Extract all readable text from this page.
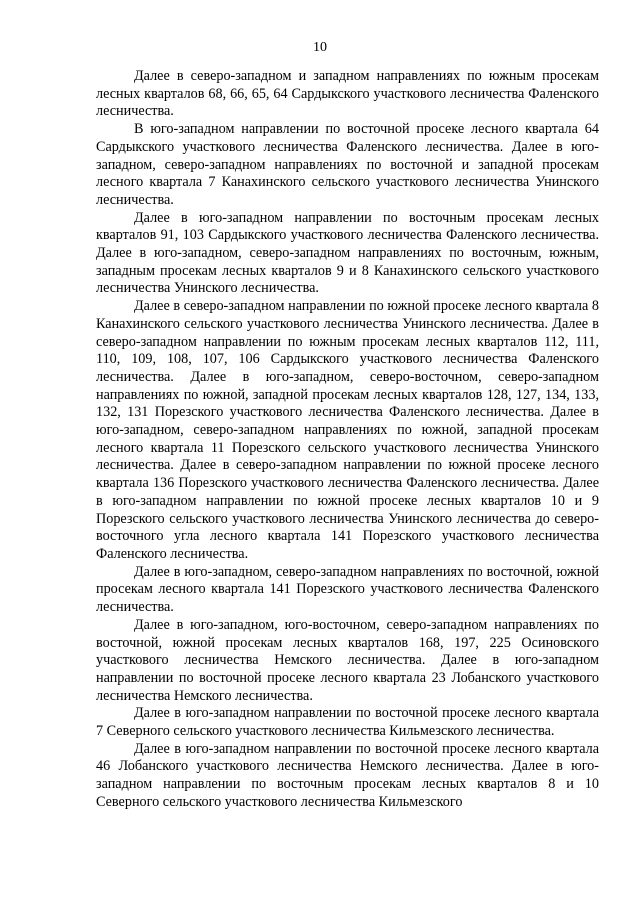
10

Далее в северо-западном и западном направлениях по южным просекам лесных кварталов 68, 66, 65, 64 Сардыкского участкового лесничества Фаленского лесничества.

В юго-западном направлении по восточной просеке лесного квартала 64 Сардыкского участкового лесничества Фаленского лесничества. Далее в юго-западном, северо-западном направлениях по восточной и западной просекам лесного квартала 7 Канахинского сельского участкового лесничества Унинского лесничества.

Далее в юго-западном направлении по восточным просекам лесных кварталов 91, 103 Сардыкского участкового лесничества Фаленского лесничества. Далее в юго-западном, северо-западном направлениях по восточным, южным, западным просекам лесных кварталов 9 и 8 Канахинского сельского участкового лесничества Унинского лесничества.

Далее в северо-западном направлении по южной просеке лесного квартала 8 Канахинского сельского участкового лесничества Унинского лесничества. Далее в северо-западном направлении по южным просекам лесных кварталов 112, 111, 110, 109, 108, 107, 106 Сардыкского участкового лесничества Фаленского лесничества. Далее в юго-западном, северо-восточном, северо-западном направлениях по южной, западной просекам лесных кварталов 128, 127, 134, 133, 132, 131 Порезского участкового лесничества Фаленского лесничества. Далее в юго-западном, северо-западном направлениях по южной, западной просекам лесного квартала 11 Порезского сельского участкового лесничества Унинского лесничества. Далее в северо-западном направлении по южной просеке лесного квартала 136 Порезского участкового лесничества Фаленского лесничества. Далее в юго-западном направлении по южной просеке лесных кварталов 10 и 9 Порезского сельского участкового лесничества Унинского лесничества до северо-восточного угла лесного квартала 141 Порезского участкового лесничества Фаленского лесничества.

Далее в юго-западном, северо-западном направлениях по восточной, южной просекам лесного квартала 141 Порезского участкового лесничества Фаленского лесничества.

Далее в юго-западном, юго-восточном, северо-западном направлениях по восточной, южной просекам лесных кварталов 168, 197, 225 Осиновского участкового лесничества Немского лесничества. Далее в юго-западном направлении по восточной просеке лесного квартала 23 Лобанского участкового лесничества Немского лесничества.

Далее в юго-западном направлении по восточной просеке лесного квартала 7 Северного сельского участкового лесничества Кильмезского лесничества.

Далее в юго-западном направлении по восточной просеке лесного квартала 46 Лобанского участкового лесничества Немского лесничества. Далее в юго-западном направлении по восточным просекам лесных кварталов 8 и 10 Северного сельского участкового лесничества Кильмезского
